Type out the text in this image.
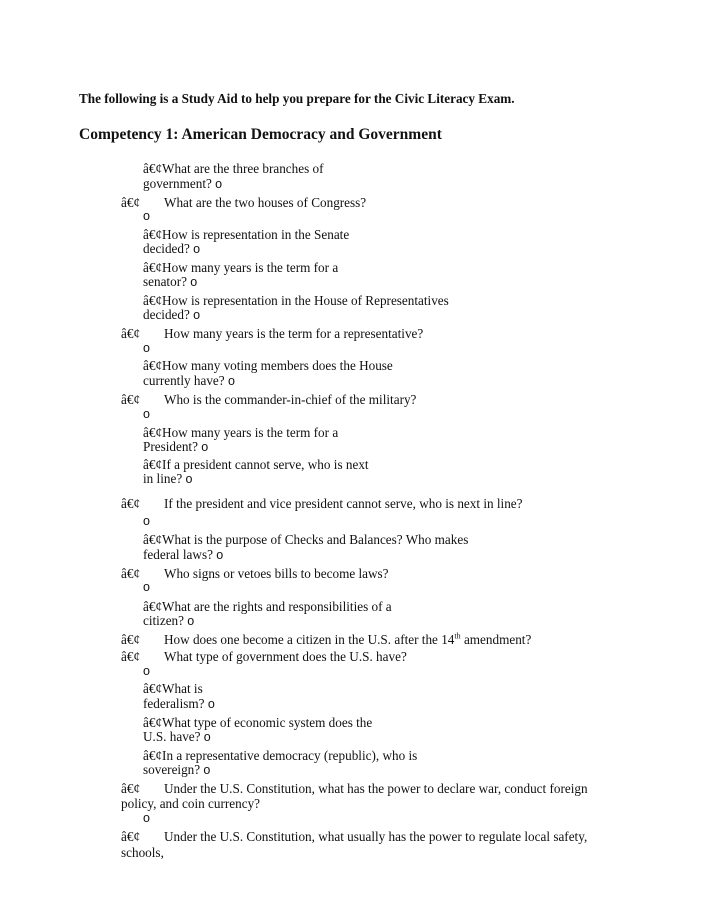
The following is a Study Aid to help you prepare for the Civic Literacy Exam.
Competency 1: American Democracy and Government
â€¢What are the three branches of
government? o
â€¢ What are the two houses of Congress?
o
â€¢How is representation in the Senate
decided? o
â€¢How many years is the term for a
senator? o
â€¢How is representation in the House of Representatives
decided? o
â€¢ How many years is the term for a representative?
o
â€¢How many voting members does the House
currently have? o
â€¢ Who is the commander-in-chief of the military?
o
â€¢How many years is the term for a
President? o
â€¢If a president cannot serve, who is next
in line? o
â€¢ If the president and vice president cannot serve, who is next in line?
o
â€¢What is the purpose of Checks and Balances? Who makes
federal laws? o
â€¢ Who signs or vetoes bills to become laws?
o
â€¢What are the rights and responsibilities of a
citizen? o
â€¢ How does one become a citizen in the U.S. after the 14th amendment?
â€¢ What type of government does the U.S. have?
o
â€¢What is
federalism? o
â€¢What type of economic system does the
U.S. have? o
â€¢In a representative democracy (republic), who is
sovereign? o
â€¢ Under the U.S. Constitution, what has the power to declare war, conduct foreign
policy, and coin currency?
o
â€¢ Under the U.S. Constitution, what usually has the power to regulate local safety,
schools,
